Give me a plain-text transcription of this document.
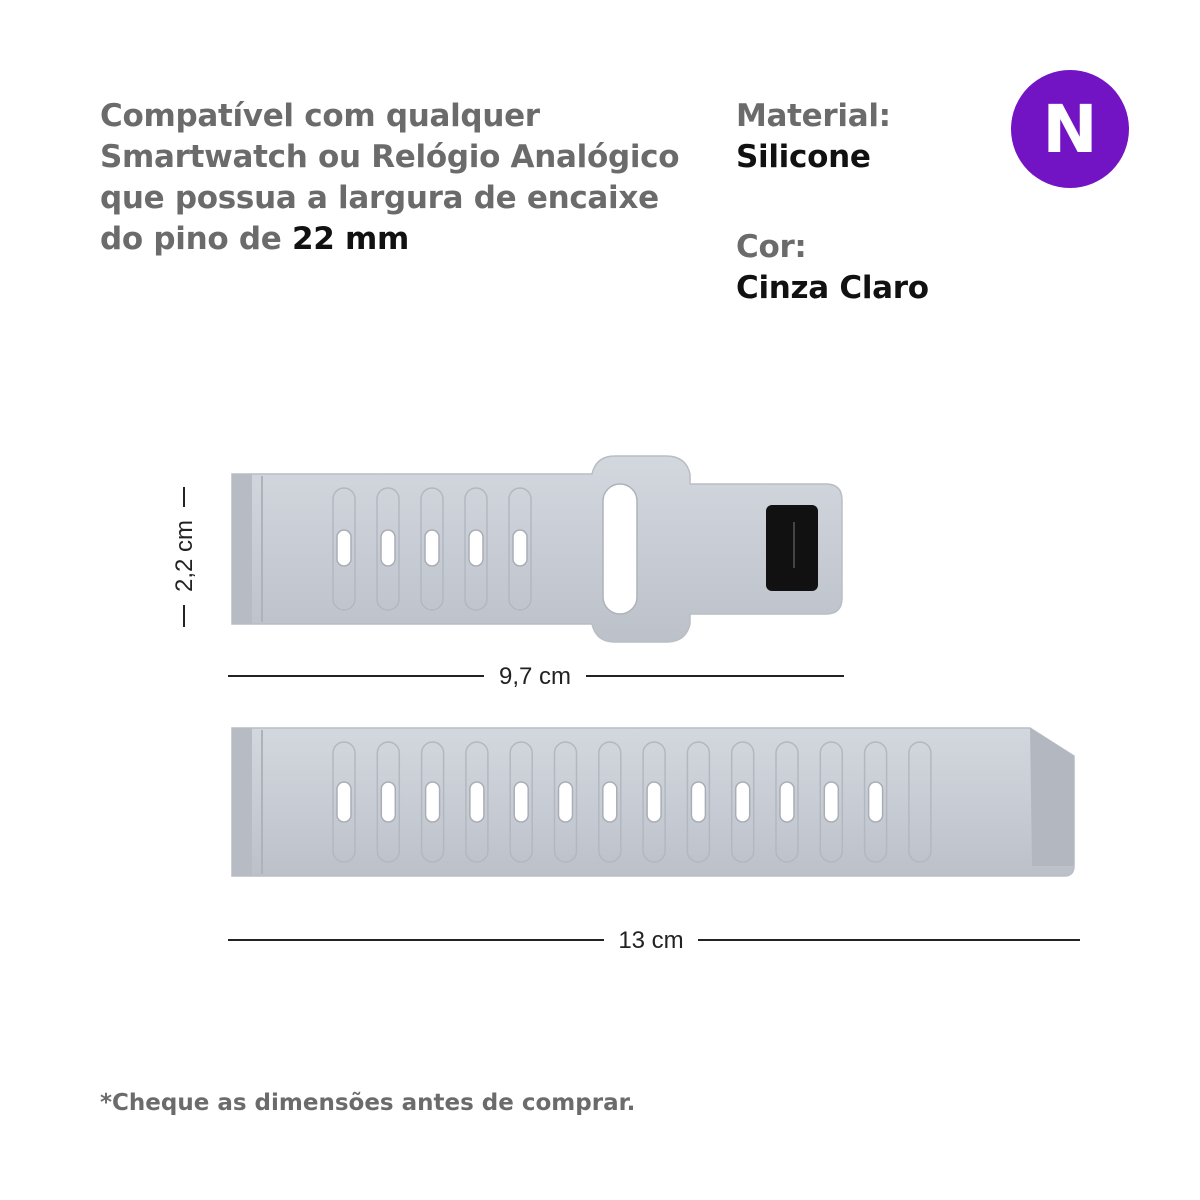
Compatível com qualquer
Smartwatch ou Relógio Analógico
que possua a largura de encaixe
do pino de 22 mm
Material:
Silicone
Cor:
Cinza Claro
N
2,2 cm
9,7 cm
13 cm
*Cheque as dimensões antes de comprar.
